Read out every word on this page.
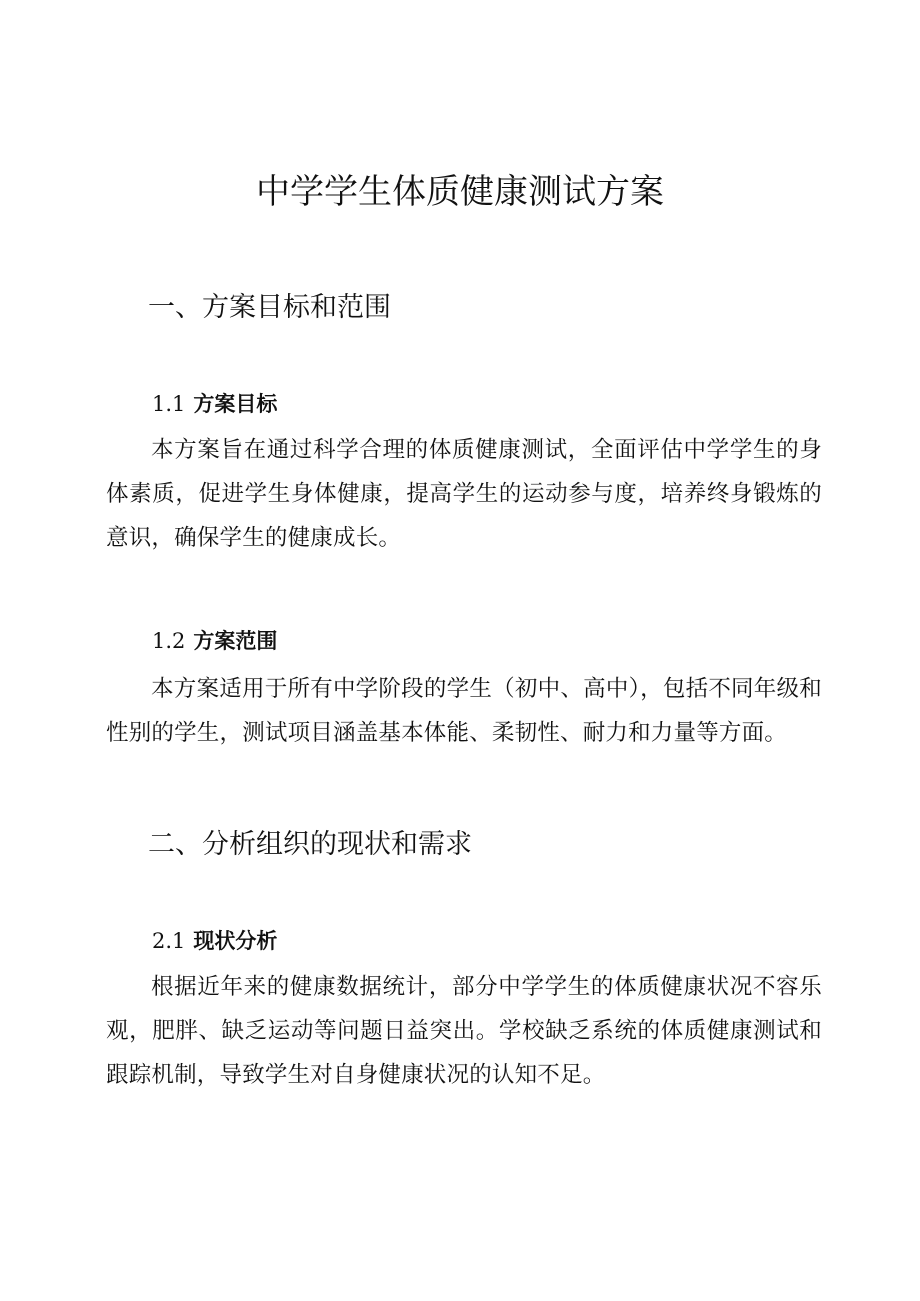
中学学生体质健康测试方案
一、方案目标和范围
1.1 方案目标

本方案旨在通过科学合理的体质健康测试，全面评估中学学生的身体素质，促进学生身体健康，提高学生的运动参与度，培养终身锻炼的意识，确保学生的健康成长。

1.2 方案范围

本方案适用于所有中学阶段的学生（初中、高中），包括不同年级和性别的学生，测试项目涵盖基本体能、柔韧性、耐力和力量等方面。

二、分析组织的现状和需求
2.1 现状分析

根据近年来的健康数据统计，部分中学学生的体质健康状况不容乐观，肥胖、缺乏运动等问题日益突出。学校缺乏系统的体质健康测试和跟踪机制，导致学生对自身健康状况的认知不足。
